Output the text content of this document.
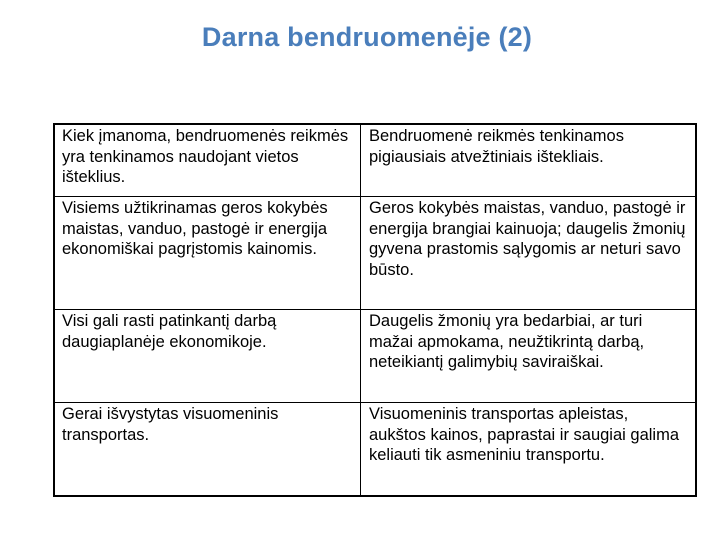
Darna bendruomenėje (2)
Kiek įmanoma, bendruomenės reikmės yra tenkinamos naudojant vietos išteklius.	Bendruomenė reikmės tenkinamos pigiausiais atvežtiniais ištekliais.

Visiems užtikrinamas geros kokybės maistas, vanduo, pastogė ir energija ekonomiškai pagrįstomis kainomis.	Geros kokybės maistas, vanduo, pastogė ir energija brangiai kainuoja; daugelis žmonių gyvena prastomis sąlygomis ar neturi savo būsto.

Visi gali rasti patinkantį darbą daugiaplanėje ekonomikoje.	Daugelis žmonių yra bedarbiai, ar turi mažai apmokama, neužtikrintą darbą, neteikiantį galimybių saviraiškai.

Gerai išvystytas visuomeninis transportas.	Visuomeninis transportas apleistas, aukštos kainos, paprastai ir saugiai galima keliauti tik asmeniniu transportu.
